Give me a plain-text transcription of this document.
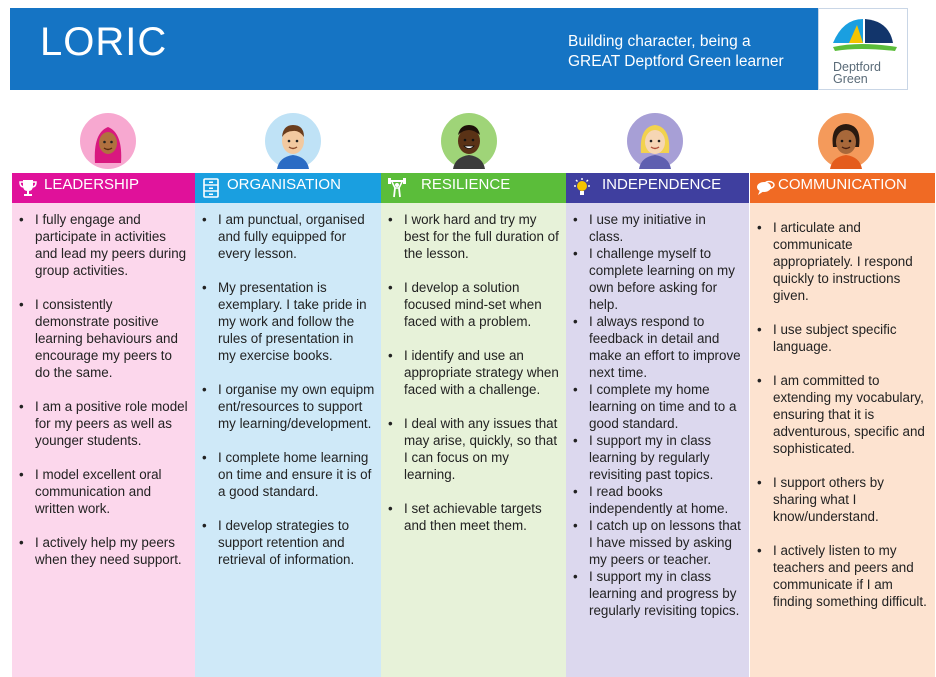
LORIC	Building character, being a
GREAT Deptford Green learner	Deptford
Green
LEADERSHIP
• I fully engage and participate in activities and lead my peers during group activities.
• I consistently demonstrate positive learning behaviours and encourage my peers to do the same.
• I am a positive role model for my peers as well as younger students.
• I model excellent oral communication and written work.
• I actively help my peers when they need support.
ORGANISATION
• I am punctual, organised and fully equipped for every lesson.
• My presentation is exemplary. I take pride in my work and follow the rules of presentation in my exercise books.
• I organise my own equipment/resources to support my learning/development.
• I complete home learning on time and ensure it is of a good standard.
• I develop strategies to support retention and retrieval of information.
RESILIENCE
• I work hard and try my best for the full duration of the lesson.
• I develop a solution focused mind-set when faced with a problem.
• I identify and use an appropriate strategy when faced with a challenge.
• I deal with any issues that may arise, quickly, so that I can focus on my learning.
• I set achievable targets and then meet them.
INDEPENDENCE
• I use my initiative in class.
• I challenge myself to complete learning on my own before asking for help.
• I always respond to feedback in detail and make an effort to improve next time.
• I complete my home learning on time and to a good standard.
• I support my in class learning by regularly revisiting past topics.
• I read books independently at home.
• I catch up on lessons that I have missed by asking my peers or teacher.
• I support my in class learning and progress by regularly revisiting topics.
COMMUNICATION
• I articulate and communicate appropriately. I respond quickly to instructions given.
• I use subject specific language.
• I am committed to extending my vocabulary, ensuring that it is adventurous, specific and sophisticated.
• I support others by sharing what I know/understand.
• I actively listen to my teachers and peers and communicate if I am finding something difficult.
